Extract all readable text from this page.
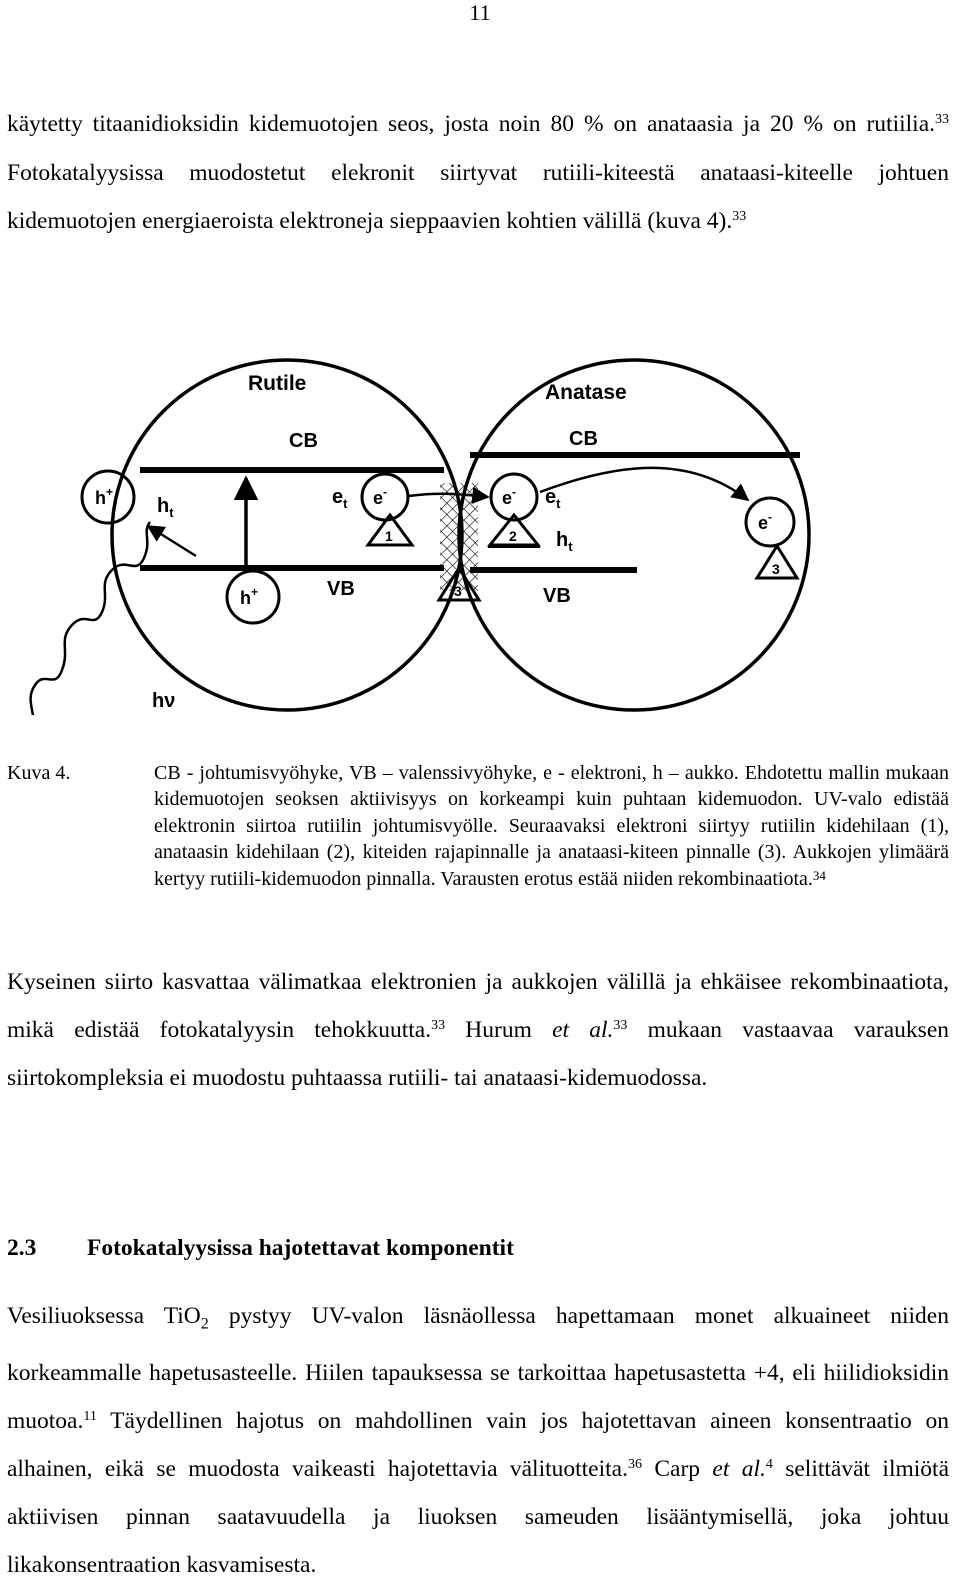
11

käytetty titaanidioksidin kidemuotojen seos, josta noin 80 % on anataasia ja 20 % on rutiilia.$^{33}$ Fotokatalyysissa muodostetut elekronit siirtyvat rutiili-kiteestä anataasi-kiteelle johtuen kidemuotojen energiaeroista elektroneja sieppaavien kohtien välillä (kuva 4).$^{33}$

Rutile	Anatase
CB	CB
VB	VB
h+
h+
e-	e-
e-
$h_t$
$e_t$	$e_t$
$h_t$
1	2
3
3
hν
Kuva 4.	CB - johtumisvyöhyke, VB – valenssivyöhyke, e - elektroni, h – aukko. Ehdotettu mallin mukaan kidemuotojen seoksen aktiivisyys on korkeampi kuin puhtaan kidemuodon. UV-valo edistää elektronin siirtoa rutiilin johtumisvyölle. Seuraavaksi elektroni siirtyy rutiilin kidehilaan (1), anataasin kidehilaan (2), kiteiden rajapinnalle ja anataasi-kiteen pinnalle (3). Aukkojen ylimäärä kertyy rutiili-kidemuodon pinnalla. Varausten erotus estää niiden rekombinaatiota.$^{34}$

Kyseinen siirto kasvattaa välimatkaa elektronien ja aukkojen välillä ja ehkäisee rekombinaatiota, mikä edistää fotokatalyysin tehokkuutta.$^{33}$ Hurum et al.$^{33}$ mukaan vastaavaa varauksen siirtokompleksia ei muodostu puhtaassa rutiili- tai anataasi-kidemuodossa.

2.3 Fotokatalyysissa hajotettavat komponentit

Vesiliuoksessa TiO$_2$ pystyy UV-valon läsnäollessa hapettamaan monet alkuaineet niiden korkeammalle hapetusasteelle. Hiilen tapauksessa se tarkoittaa hapetusastetta +4, eli hiilidioksidin muotoa.$^{11}$ Täydellinen hajotus on mahdollinen vain jos hajotettavan aineen konsentraatio on alhainen, eikä se muodosta vaikeasti hajotettavia välituotteita.$^{36}$ Carp et al.$^4$ selittävät ilmiötä aktiivisen pinnan saatavuudella ja liuoksen sameuden lisääntymisellä, joka johtuu likakonsentraation kasvamisesta.
